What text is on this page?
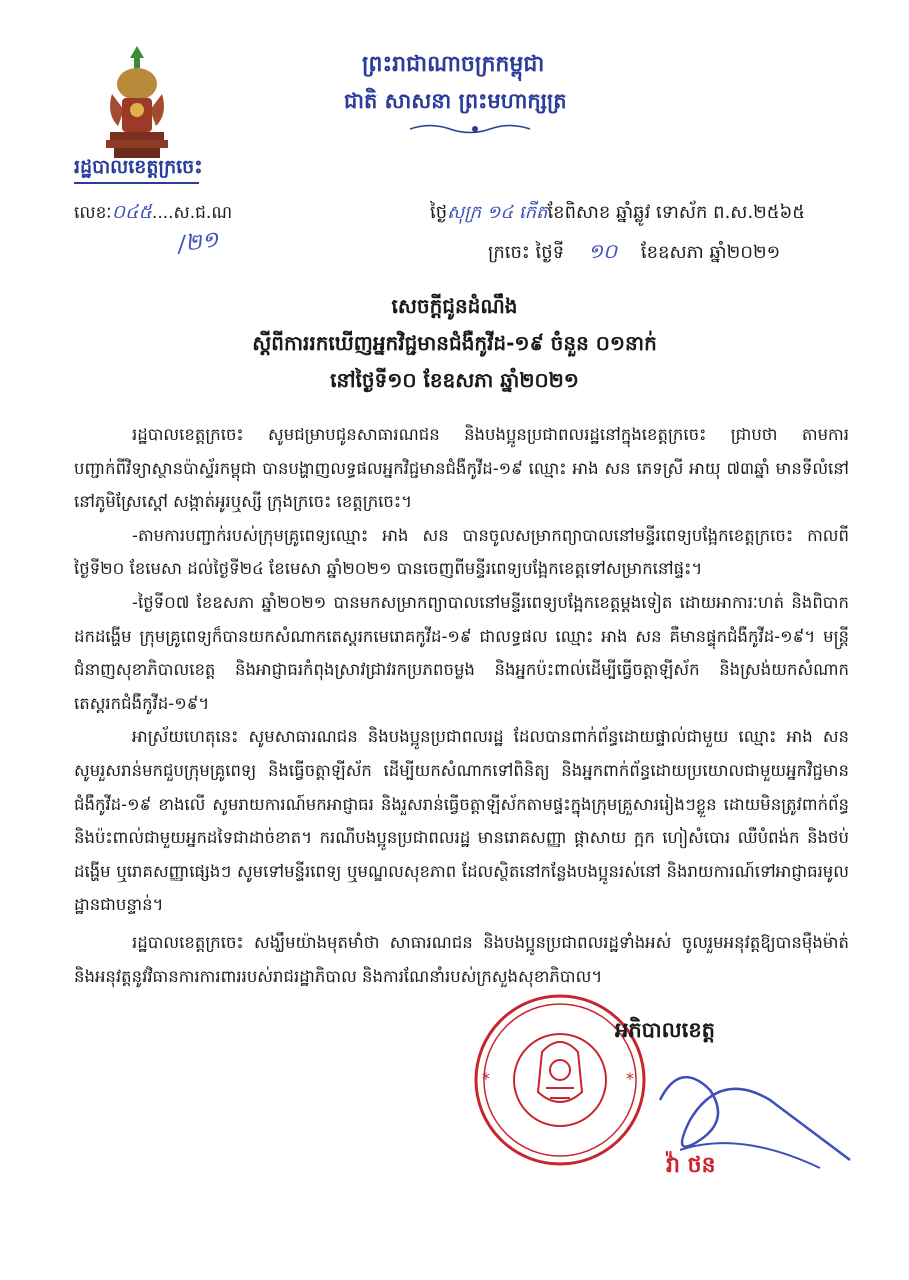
រដ្ឋបាលខេត្តក្រចេះ
លេខៈ០៤៥....ស.ជ.ណ
/២១
ព្រះរាជាណាចក្រកម្ពុជា
ជាតិ សាសនា ព្រះមហាក្សត្រ
ថ្ងៃសុក្រ ១៤ កើតខែពិសាខ ឆ្នាំឆ្លូវ ទោស័ក ព.ស.២៥៦៥
ក្រចេះ ថ្ងៃទី ១០ ខែឧសភា ឆ្នាំ២០២១
សេចក្តីជូនដំណឹង
ស្តីពីការរកឃើញអ្នកវិជ្ជមានជំងឺកូវីដ-១៩ ចំនួន ០១នាក់
នៅថ្ងៃទី១០ ខែឧសភា ឆ្នាំ២០២១

រដ្ឋបាលខេត្តក្រចេះ សូមជម្រាបជូនសាធារណជន និងបងប្អូនប្រជាពលរដ្ឋនៅក្នុងខេត្តក្រចេះ ជ្រាបថា តាមការបញ្ជាក់ពីវិទ្យាស្ថានប៉ាស្ទ័រកម្ពុជា បានបង្ហាញលទ្ធផលអ្នកវិជ្ជមានជំងឺកូវីដ-១៩ ឈ្មោះ អាង សន ភេទស្រី អាយុ ៧៣ឆ្នាំ មានទីលំនៅនៅភូមិស្រែស្ដៅ សង្កាត់អូរឬស្សី ក្រុងក្រចេះ ខេត្តក្រចេះ។

-តាមការបញ្ជាក់របស់ក្រុមគ្រូពេទ្យឈ្មោះ អាង សន បានចូលសម្រាកព្យាបាលនៅមន្ទីរពេទ្យបង្អែកខេត្តក្រចេះ កាលពីថ្ងៃទី២០ ខែមេសា ដល់ថ្ងៃទី២៤ ខែមេសា ឆ្នាំ២០២១ បានចេញពីមន្ទីរពេទ្យបង្អែកខេត្តទៅសម្រាកនៅផ្ទះ។

-ថ្ងៃទី០៧ ខែឧសភា ឆ្នាំ២០២១ បានមកសម្រាកព្យាបាលនៅមន្ទីរពេទ្យបង្អែកខេត្តម្តងទៀត ដោយអាការៈហត់ និងពិបាកដកដង្ហើម ក្រុមគ្រូពេទ្យក៏បានយកសំណាកតេស្តរកមេរោគកូវីដ-១៩ ជាលទ្ធផល ឈ្មោះ អាង សន គឺមានផ្ទុកជំងឺកូវីដ-១៩។ មន្ត្រីជំនាញសុខាភិបាលខេត្ត និងអាជ្ញាធរកំពុងស្រាវជ្រាវរកប្រភពចម្លង និងអ្នកប៉ះពាល់ដើម្បីធ្វើចត្តាឡីស័ក និងស្រង់យកសំណាកតេស្តរកជំងឺកូវីដ-១៩។

អាស្រ័យហេតុនេះ សូមសាធារណជន និងបងប្អូនប្រជាពលរដ្ឋ ដែលបានពាក់ព័ន្ធដោយផ្ទាល់ជាមួយ ឈ្មោះ អាង សន សូមរួសរាន់មកជួបក្រុមគ្រូពេទ្យ និងធ្វើចត្តាឡីស័ក ដើម្បីយកសំណាកទៅពិនិត្យ និងអ្នកពាក់ព័ន្ធដោយប្រយោលជាមួយអ្នកវិជ្ជមានជំងឺកូវីដ-១៩ ខាងលើ សូមរាយការណ៍មកអាជ្ញាធរ និងរួសរាន់ធ្វើចត្តាឡីស័កតាមផ្ទះក្នុងក្រុមគ្រួសាររៀងៗខ្លួន ដោយមិនត្រូវពាក់ព័ន្ធ និងប៉ះពាល់ជាមួយអ្នកដទៃជាដាច់ខាត។ ករណីបងប្អូនប្រជាពលរដ្ឋ មានរោគសញ្ញា ផ្ដាសាយ ក្អក ហៀសំបោរ ឈឺបំពង់ក និងថប់ដង្ហើម ឬរោគសញ្ញាផ្សេងៗ សូមទៅមន្ទីរពេទ្យ ឬមណ្ឌលសុខភាព ដែលស្ថិតនៅកន្លែងបងប្អូនរស់នៅ និងរាយការណ៍ទៅអាជ្ញាធរមូលដ្ឋានជាបន្ទាន់។

រដ្ឋបាលខេត្តក្រចេះ សង្ឃឹមយ៉ាងមុតមាំថា សាធារណជន និងបងប្អូនប្រជាពលរដ្ឋទាំងអស់ ចូលរួមអនុវត្តឱ្យបានម៉ឺងម៉ាត់ និងអនុវត្តនូវវិធានការការពាររបស់រាជរដ្ឋាភិបាល និងការណែនាំរបស់ក្រសួងសុខាភិបាល។

*	*
អភិបាលខេត្ត
វ៉ា ថន
